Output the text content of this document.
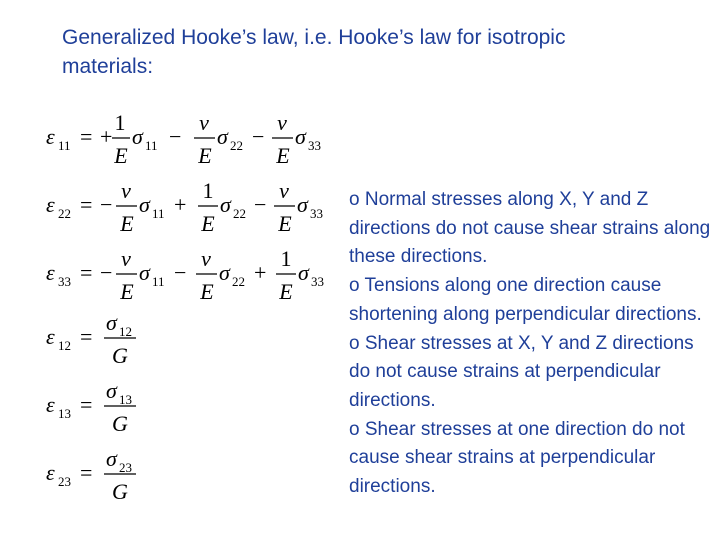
Generalized Hooke’s law, i.e. Hooke’s law for isotropic materials:
ε 11 = +
1
E
σ 11 −
ν
E
σ 22 −
ν
E
σ 33
ε 22 = −
ν
E
σ 11 +
1
E
σ 22 −
ν
E
σ 33
ε 33 = −
ν
E
σ 11 −
ν
E
σ 22 +
1
E
σ 33
ε 12 =
σ 12
G
ε 13 =
σ 13
G
ε 23 =
σ 23
G

o Normal stresses along X, Y and Z directions do not cause shear strains along these directions.

o Tensions along one direction cause shortening along perpendicular directions.

o Shear stresses at X, Y and Z directions do not cause strains at perpendicular directions.

o Shear stresses at one direction do not cause shear strains at perpendicular directions.
